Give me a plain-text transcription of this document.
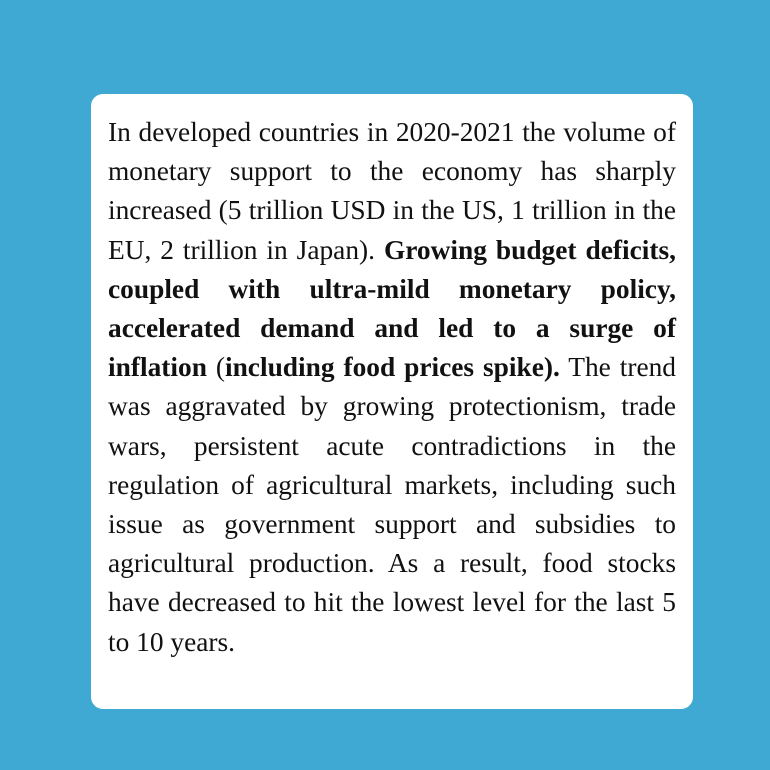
In developed countries in 2020-2021 the volume of monetary support to the economy has sharply increased (5 trillion USD in the US, 1 trillion in the EU, 2 trillion in Japan). Growing budget deficits, coupled with ultra-mild monetary policy, accelerated demand and led to a surge of inflation (including food prices spike). The trend was aggravated by growing protectionism, trade wars, persistent acute contradictions in the regulation of agricultural markets, including such issue as government support and subsidies to agricultural production. As a result, food stocks have decreased to hit the lowest level for the last 5 to 10 years.
